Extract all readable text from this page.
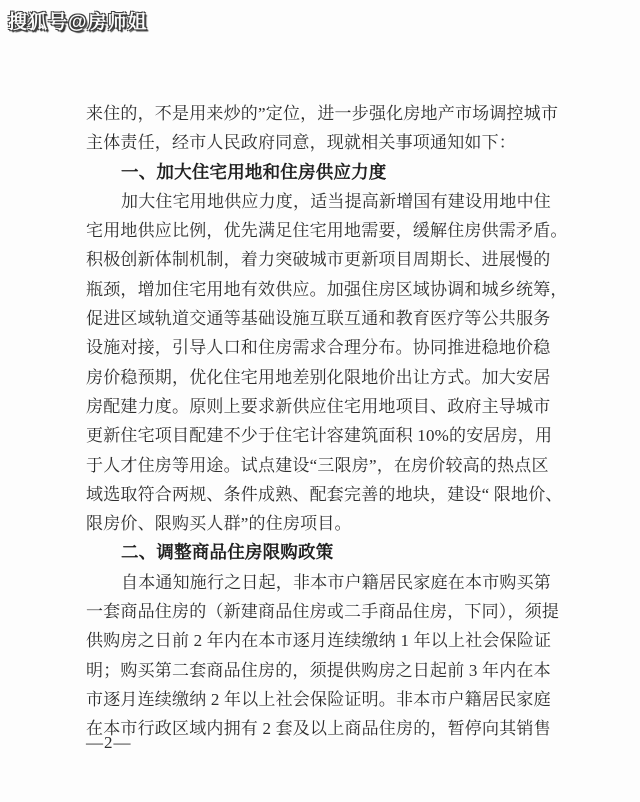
搜狐号@房师姐
来住的，不是用来炒的”定位，进一步强化房地产市场调控城市
主体责任，经市人民政府同意，现就相关事项通知如下：
一、加大住宅用地和住房供应力度
加大住宅用地供应力度，适当提高新增国有建设用地中住
宅用地供应比例，优先满足住宅用地需要，缓解住房供需矛盾。
积极创新体制机制，着力突破城市更新项目周期长、进展慢的
瓶颈，增加住宅用地有效供应。加强住房区域协调和城乡统筹，
促进区域轨道交通等基础设施互联互通和教育医疗等公共服务
设施对接，引导人口和住房需求合理分布。协同推进稳地价稳
房价稳预期，优化住宅用地差别化限地价出让方式。加大安居
房配建力度。原则上要求新供应住宅用地项目、政府主导城市
更新住宅项目配建不少于住宅计容建筑面积 10%的安居房，用
于人才住房等用途。试点建设“三限房”，在房价较高的热点区
域选取符合两规、条件成熟、配套完善的地块，建设“ 限地价、
限房价、限购买人群”的住房项目。
二、调整商品住房限购政策
自本通知施行之日起，非本市户籍居民家庭在本市购买第
一套商品住房的（新建商品住房或二手商品住房，下同），须提
供购房之日前 2 年内在本市逐月连续缴纳 1 年以上社会保险证
明；购买第二套商品住房的，须提供购房之日起前 3 年内在本
市逐月连续缴纳 2 年以上社会保险证明。非本市户籍居民家庭
在本市行政区域内拥有 2 套及以上商品住房的，暂停向其销售
—2—
